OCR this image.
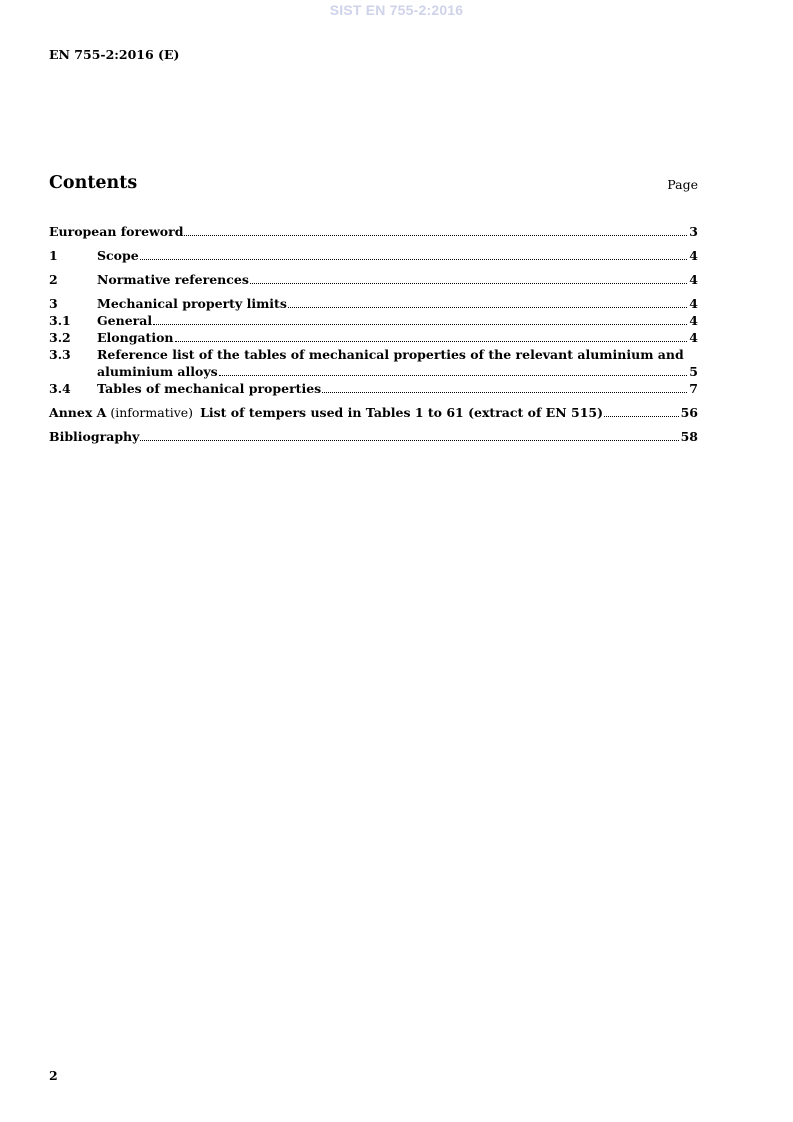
SIST EN 755-2:2016
EN 755-2:2016 (E)
Contents	Page
European foreword	3
1	Scope	4
2	Normative references	4
3	Mechanical property limits	4
3.1	General	4
3.2	Elongation	4
3.3	Reference list of the tables of mechanical properties of the relevant aluminium and
aluminium alloys	5
3.4	Tables of mechanical properties	7
Annex A (informative) List of tempers used in Tables 1 to 61 (extract of EN 515)	56
Bibliography	58
2
